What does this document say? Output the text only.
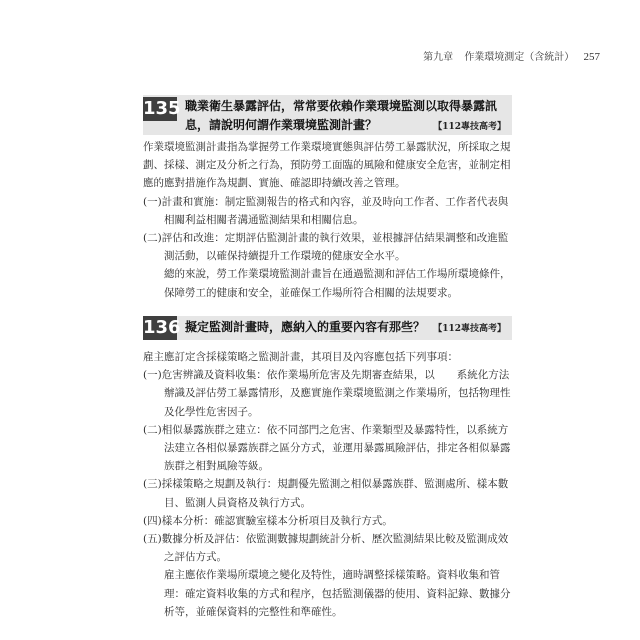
第九章 作業環境測定（含統計） 257
135 職業衛生暴露評估，常常要依賴作業環境監測以取得暴露訊
息，請說明何謂作業環境監測計畫？	【112專技高考】

作業環境監測計畫指為掌握勞工作業環境實態與評估勞工暴露狀況，所採取之規劃、採樣、測定及分析之行為，預防勞工面臨的風險和健康安全危害，並制定相應的應對措施作為規劃、實施、確認即持續改善之管理。

(一)計畫和實施：制定監測報告的格式和內容，並及時向工作者、工作者代表與相關利益相關者溝通監測結果和相關信息。

(二)評估和改進：定期評估監測計畫的執行效果，並根據評估結果調整和改進監測活動，以確保持續提升工作環境的健康安全水平。

總的來說，勞工作業環境監測計畫旨在通過監測和評估工作場所環境條件，保障勞工的健康和安全，並確保工作場所符合相關的法規要求。

136 擬定監測計畫時，應納入的重要內容有那些？ 【112專技高考】

雇主應訂定含採樣策略之監測計畫，其項目及內容應包括下列事項：

(一)危害辨識及資料收集：依作業場所危害及先期審查結果，以 系統化方法辦識及評估勞工暴露情形，及應實施作業環境監測之作業場所，包括物理性及化學性危害因子。

(二)相似暴露族群之建立：依不同部門之危害、作業類型及暴露特性，以系統方法建立各相似暴露族群之區分方式，並運用暴露風險評估，排定各相似暴露族群之相對風險等級。

(三)採樣策略之規劃及執行：規劃優先監測之相似暴露族群、監測處所、樣本數目、監測人員資格及執行方式。

(四)樣本分析：確認實驗室樣本分析項目及執行方式。

(五)數據分析及評估：依監測數據規劃統計分析、歷次監測結果比較及監測成效之評估方式。

雇主應依作業場所環境之變化及特性，適時調整採樣策略。資料收集和管理：確定資料收集的方式和程序，包括監測儀器的使用、資料記錄、數據分析等，並確保資料的完整性和準確性。
